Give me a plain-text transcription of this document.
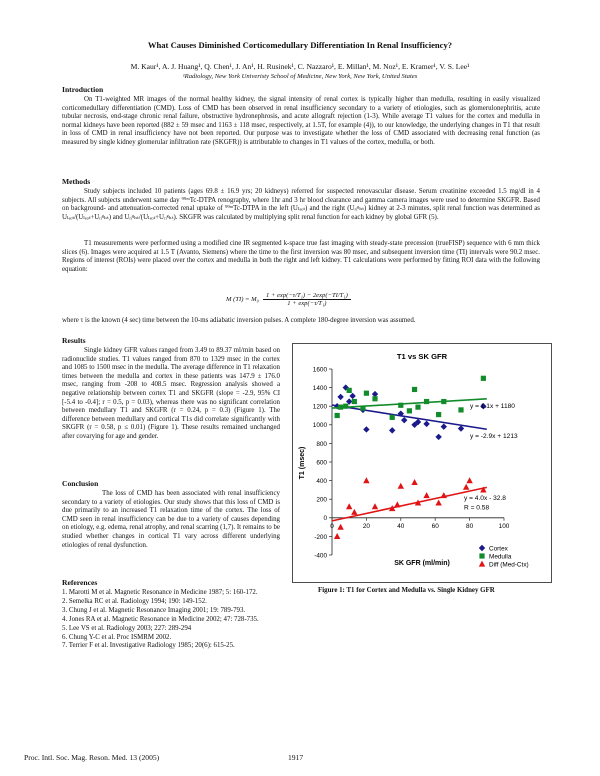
What Causes Diminished Corticomedullary Differentiation In Renal Insufficiency?
M. Kaur¹, A. J. Huang¹, Q. Chen¹, J. An¹, H. Rusinek¹, C. Nazzaro¹, E. Millan¹, M. Noz¹, E. Kramer¹, V. S. Lee¹
¹Radiology, New York Univeristy School of Medicine, New York, New York, United States
Introduction
On T1-weighted MR images of the normal healthy kidney, the signal intensity of renal cortex is typically higher than medulla, resulting in easily visualized corticomedullary differentiation (CMD). Loss of CMD has been observed in renal insufficiency secondary to a variety of etiologies, such as glomerulonephritis, acute tubular necrosis, end-stage chronic renal failure, obstructive hydronephrosis, and acute allograft rejection (1-3). While average T1 values for the cortex and medulla in normal kidneys have been reported (882 ± 59 msec and 1163 ± 118 msec, respectively, at 1.5T, for example (4)), to our knowledge, the underlying changes in T1 that result in loss of CMD in renal insufficiency have not been reported. Our purpose was to investigate whether the loss of CMD associated with decreasing renal function (as measured by single kidney glomerular infiltration rate (SKGFR)) is attributable to changes in T1 values of the cortex, medulla, or both.
Methods
Study subjects included 10 patients (ages 69.8 ± 16.9 yrs; 20 kidneys) referred for suspected renovascular disease. Serum creatinine exceeded 1.5 mg/dl in 4 subjects. All subjects underwent same day ⁹⁹ᵐTc-DTPA renography, where 1hr and 3 hr blood clearance and gamma camera images were used to determine SKGFR. Based on background- and attenuation-corrected renal uptake of ⁹⁹ᵐTc-DTPA in the left (Uₗₑₒₜ) and the right (Uᵣᵢᵍₕₜ) kidney at 2-3 minutes, split renal function was determined as Uₗₑₒₜ/(Uₗₑₒₜ+Uᵣᵢᵍₕₜ) and Uᵣᵢᵍₕₜ/(Uₗₑₒₜ+Uᵣᵢᵍₕₜ). SKGFR was calculated by multiplying split renal function for each kidney by global GFR (5).
T1 measurements were performed using a modified cine IR segmented k-space true fast imaging with steady-state precession (trueFISP) sequence with 6 mm thick slices (6). Images were acquired at 1.5 T (Avanto, Siemens) where the time to the first inversion was 80 msec, and subsequent inversion time (TI) intervals were 90.2 msec. Regions of interest (ROIs) were placed over the cortex and medulla in both the right and left kidney. T1 calculations were performed by fitting ROI data with the following equation:
M $(TI) = M_0 \frac{\text{1 + exp(−τ/T₁) − 2exp(−TI/T₁)}}{\text{1 + exp(−τ/T₁)}}$
where τ is the known (4 sec) time between the 10-ms adiabatic inversion pulses. A complete 180-degree inversion was assumed.
Results
Single kidney GFR values ranged from 3.49 to 89.37 ml/min based on radionuclide studies. T1 values ranged from 870 to 1329 msec in the cortex and 1085 to 1500 msec in the medulla. The average difference in T1 relaxation times between the medulla and cortex in these patients was 147.9 ± 176.0 msec, ranging from -208 to 408.5 msec. Regression analysis showed a negative relationship between cortex T1 and SKGFR (slope = -2.9, 95% CI [-5.4 to -0.4]; r = 0.5, p = 0.03), whereas there was no significant correlation between medullary T1 and SKGFR (r = 0.24, p = 0.3) (Figure 1). The difference between medullary and cortical T1s did correlate significantly with SKGFR (r = 0.58, p ≤ 0.01) (Figure 1). These results remained unchanged after covarying for age and gender.
Conclusion
The loss of CMD has been associated with renal insufficiency secondary to a variety of etiologies. Our study shows that this loss of CMD is due primarily to an increased T1 relaxation time of the cortex. The loss of CMD seen in renal insufficiency can be due to a variety of causes depending on etiology, e.g. edema, renal atrophy, and renal scarring (1,7). It remains to be studied whether changes in cortical T1 vary across different underlying etiologies of renal dysfunction.
References
1. Marotti M et al. Magnetic Resonance in Medicine 1987; 5: 160-172.
2. Semelka RC et al. Radiology 1994; 190: 149-152.
3. Chung J et al. Magnetic Resonance Imaging 2001; 19: 789-793.
4. Jones RA et al. Magnetic Resonance in Medicine 2002; 47: 728-735.
5. Lee VS et al. Radiology 2003; 227: 289-294
6. Chung Y-C et al. Proc ISMRM 2002.
7. Terrier F et al. Investigative Radiology 1985; 20(6): 615-25.
T1 vs SK GFR
-400
-200
0
200
400
600
800
1000
1200
1400
1600
0	20	40	60	80	100
y = 1.1x + 1180
y = -2.9x + 1213
y = 4.0x - 32.8
R = 0.58
SK GFR (ml/min)
T1 (msec)
Cortex
Medulla
Diff (Med-Ctx)
Figure 1: T1 for Cortex and Medulla vs. Single Kidney GFR
Proc. Intl. Soc. Mag. Reson. Med. 13 (2005)	1917
